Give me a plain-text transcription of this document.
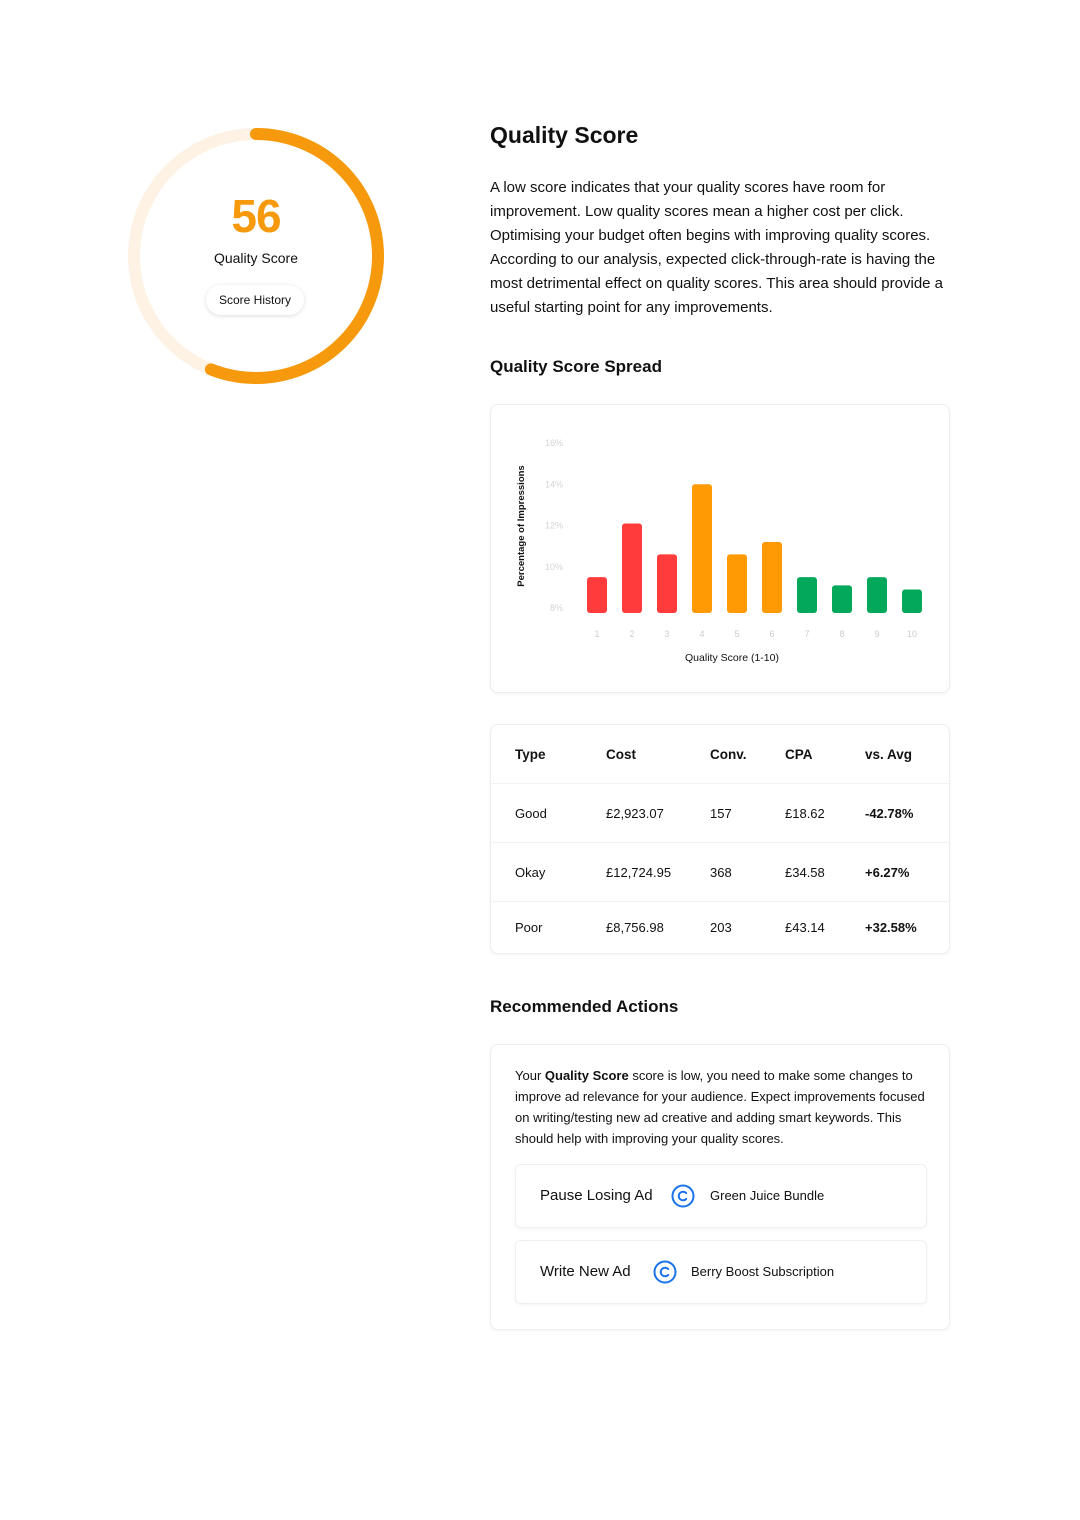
56
Quality Score
Score History
Quality Score

A low score indicates that your quality scores have room for improvement. Low quality scores mean a higher cost per click. Optimising your budget often begins with improving quality scores. According to our analysis, expected click-through-rate is having the most detrimental effect on quality scores. This area should provide a useful starting point for any improvements.

Quality Score Spread
8%
10%
12%
14%
16%
1	2	3	4	5	6	7	8	9	10
Quality Score (1-10)
Percentage of Impressions
Type	Cost	Conv.	CPA	vs. Avg
Good	£2,923.07	157	£18.62	-42.78%
Okay	£12,724.95	368	£34.58	+6.27%
Poor	£8,756.98	203	£43.14	+32.58%
Recommended Actions

Your Quality Score score is low, you need to make some changes to improve ad relevance for your audience. Expect improvements focused on writing/testing new ad creative and adding smart keywords. This should help with improving your quality scores.

Pause Losing Ad	Green Juice Bundle
Write New Ad	Berry Boost Subscription
